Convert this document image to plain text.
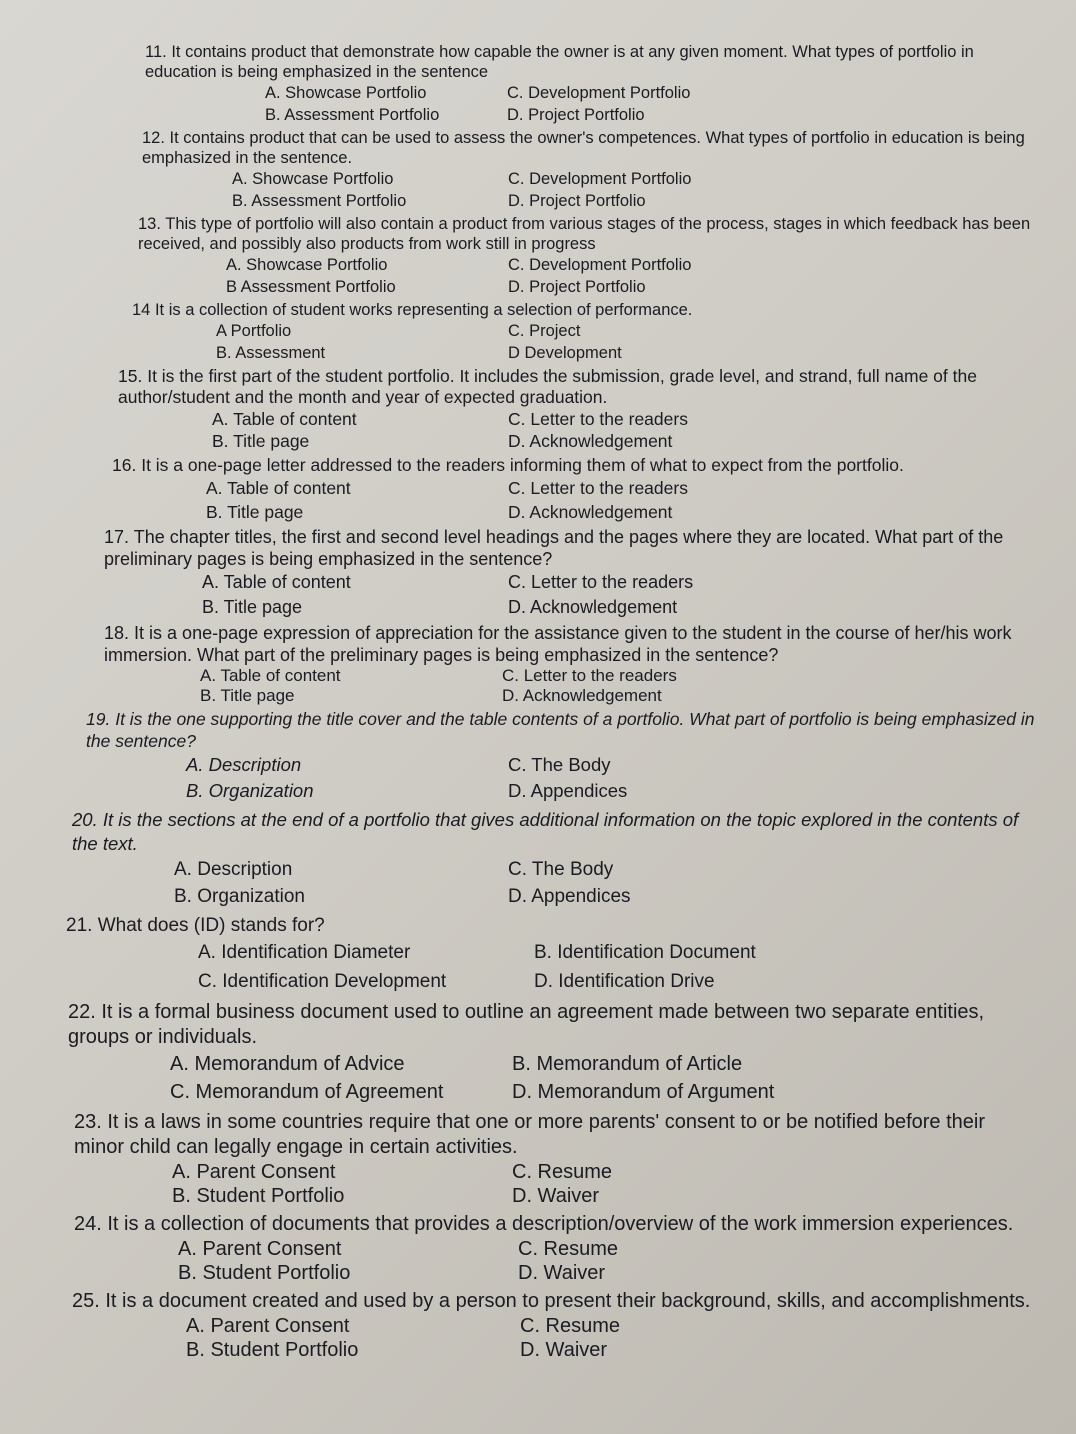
11. It contains product that demonstrate how capable the owner is at any given moment. What types of portfolio in education is being emphasized in the sentence

A. Showcase Portfolio	C. Development Portfolio
B. Assessment Portfolio	D. Project Portfolio

12. It contains product that can be used to assess the owner's competences. What types of portfolio in education is being emphasized in the sentence.

A. Showcase Portfolio	C. Development Portfolio
B. Assessment Portfolio	D. Project Portfolio

13. This type of portfolio will also contain a product from various stages of the process, stages in which feedback has been received, and possibly also products from work still in progress

A. Showcase Portfolio	C. Development Portfolio
B Assessment Portfolio	D. Project Portfolio

14 It is a collection of student works representing a selection of performance.

A Portfolio	C. Project
B. Assessment	D Development

15. It is the first part of the student portfolio. It includes the submission, grade level, and strand, full name of the author/student and the month and year of expected graduation.

A. Table of content	C. Letter to the readers
B. Title page	D. Acknowledgement

16. It is a one-page letter addressed to the readers informing them of what to expect from the portfolio.

A. Table of content	C. Letter to the readers
B. Title page	D. Acknowledgement

17. The chapter titles, the first and second level headings and the pages where they are located. What part of the preliminary pages is being emphasized in the sentence?

A. Table of content	C. Letter to the readers
B. Title page	D. Acknowledgement

18. It is a one-page expression of appreciation for the assistance given to the student in the course of her/his work immersion. What part of the preliminary pages is being emphasized in the sentence?

A. Table of content	C. Letter to the readers
B. Title page	D. Acknowledgement

19. It is the one supporting the title cover and the table contents of a portfolio. What part of portfolio is being emphasized in the sentence?

A. Description	C. The Body
B. Organization	D. Appendices

20. It is the sections at the end of a portfolio that gives additional information on the topic explored in the contents of the text.

A. Description	C. The Body
B. Organization	D. Appendices

21. What does (ID) stands for?

A. Identification Diameter	B. Identification Document
C. Identification Development	D. Identification Drive

22. It is a formal business document used to outline an agreement made between two separate entities, groups or individuals.

A. Memorandum of Advice	B. Memorandum of Article
C. Memorandum of Agreement	D. Memorandum of Argument

23. It is a laws in some countries require that one or more parents' consent to or be notified before their minor child can legally engage in certain activities.

A. Parent Consent	C. Resume
B. Student Portfolio	D. Waiver

24. It is a collection of documents that provides a description/overview of the work immersion experiences.

A. Parent Consent	C. Resume
B. Student Portfolio	D. Waiver

25. It is a document created and used by a person to present their background, skills, and accomplishments.

A. Parent Consent	C. Resume
B. Student Portfolio	D. Waiver
